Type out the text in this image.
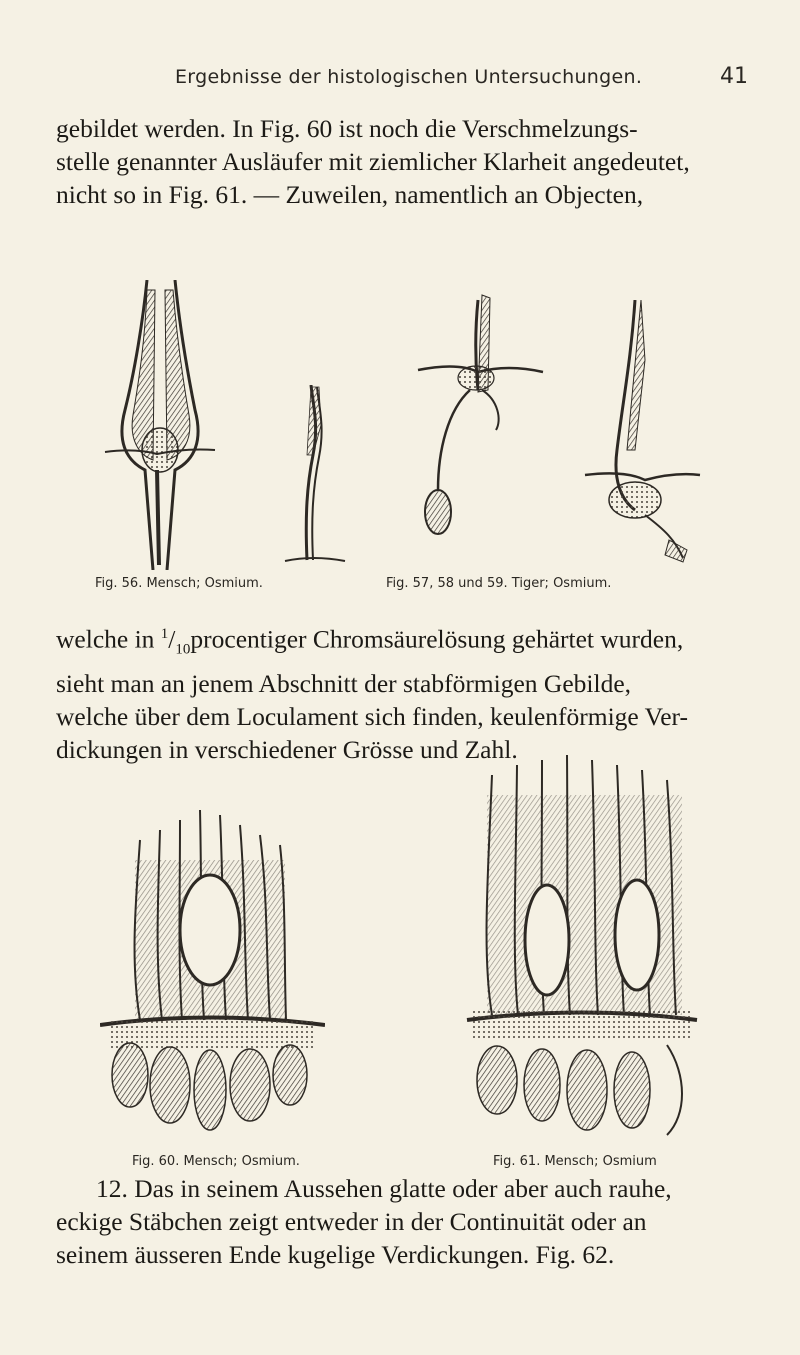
Ergebnisse der histologischen Untersuchungen.	41
gebildet werden. In Fig. 60 ist noch die Verschmelzungs-
stelle genannter Ausläufer mit ziemlicher Klarheit angedeutet,
nicht so in Fig. 61. — Zuweilen, namentlich an Objecten,
Fig. 56. Mensch; Osmium.	Fig. 57, 58 und 59. Tiger; Osmium.
welche in $^1/_{10}procentiger$ Chromsäurelösung gehärtet wurden,
sieht man an jenem Abschnitt der stabförmigen Gebilde,
welche über dem Loculament sich finden, keulenförmige Ver-
dickungen in verschiedener Grösse und Zahl.
Fig. 60. Mensch; Osmium.	Fig. 61. Mensch; Osmium
12. Das in seinem Aussehen glatte oder aber auch rauhe,
eckige Stäbchen zeigt entweder in der Continuität oder an
seinem äusseren Ende kugelige Verdickungen. Fig. 62.
